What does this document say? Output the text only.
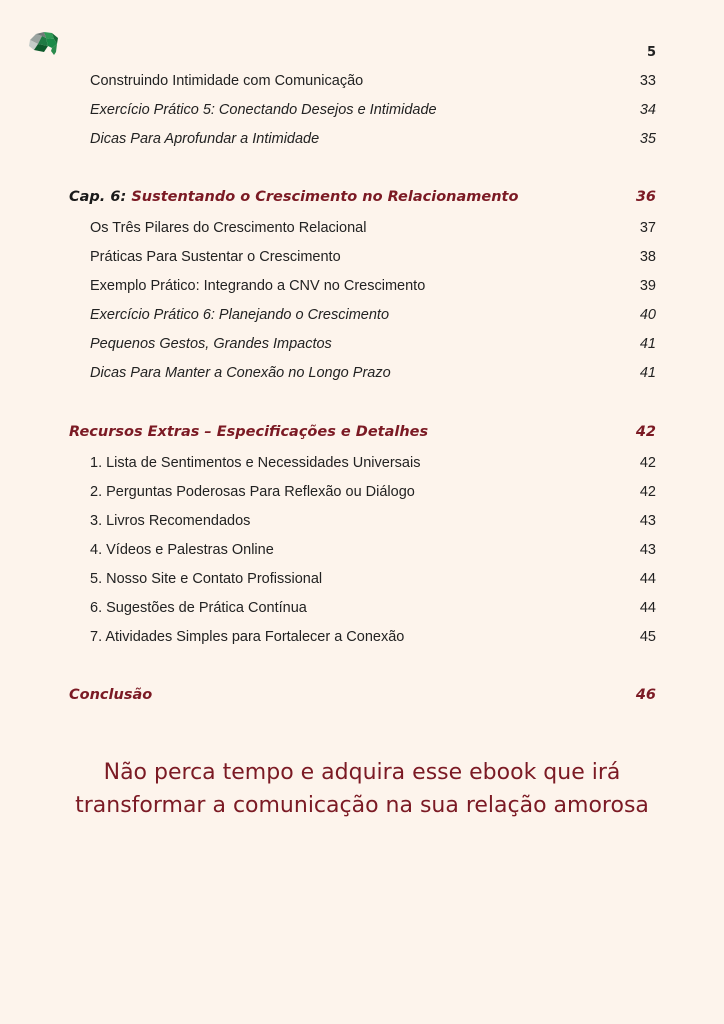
5
Construindo Intimidade com Comunicação	33
Exercício Prático 5: Conectando Desejos e Intimidade	34
Dicas Para Aprofundar a Intimidade	35
Cap. 6: Sustentando o Crescimento no Relacionamento	36
Os Três Pilares do Crescimento Relacional	37
Práticas Para Sustentar o Crescimento	38
Exemplo Prático: Integrando a CNV no Crescimento	39
Exercício Prático 6: Planejando o Crescimento	40
Pequenos Gestos, Grandes Impactos	41
Dicas Para Manter a Conexão no Longo Prazo	41
Recursos Extras – Especificações e Detalhes	42
1. Lista de Sentimentos e Necessidades Universais	42
2. Perguntas Poderosas Para Reflexão ou Diálogo	42
3. Livros Recomendados	43
4. Vídeos e Palestras Online	43
5. Nosso Site e Contato Profissional	44
6. Sugestões de Prática Contínua	44
7. Atividades Simples para Fortalecer a Conexão	45
Conclusão	46
Não perca tempo e adquira esse ebook que irá
transformar a comunicação na sua relação amorosa
